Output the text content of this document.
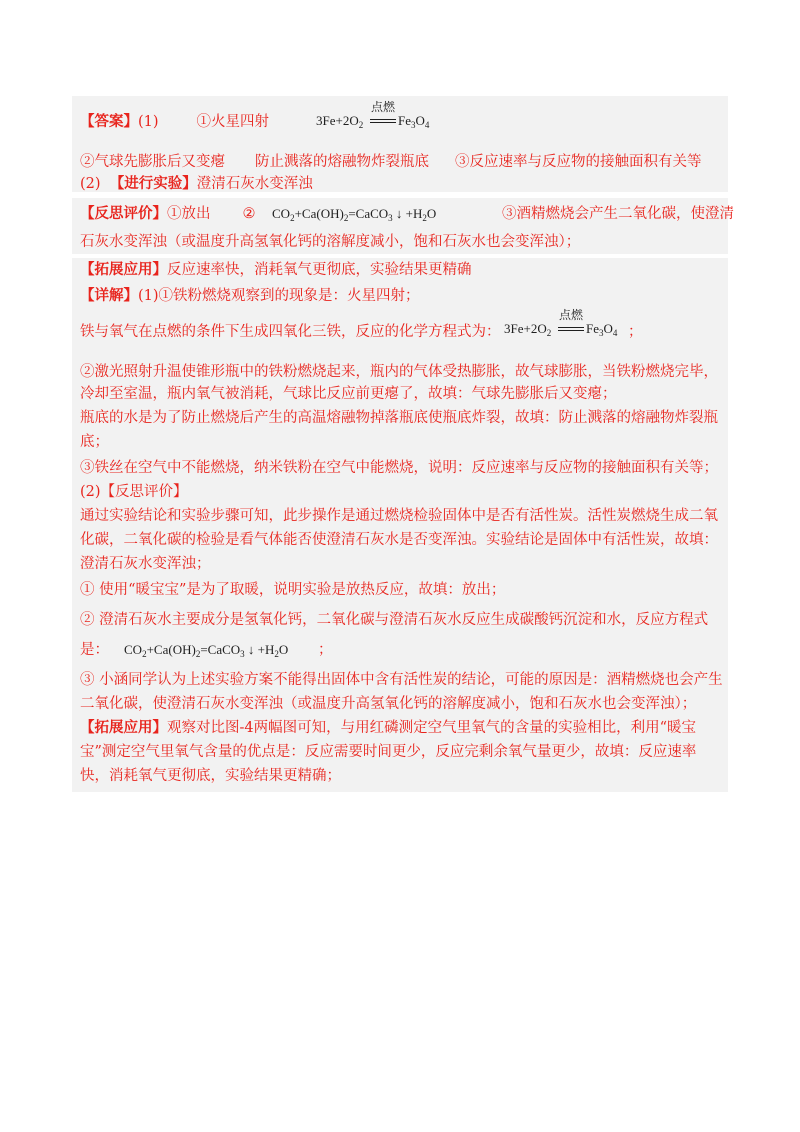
【答案】(1)	①火星四射
点燃
$3Fe+2O_2$	$Fe_3O_4$
②气球先膨胀后又变瘪 防止溅落的熔融物炸裂瓶底 ③反应速率与反应物的接触面积有关等
(2) 【进行实验】澄清石灰水变浑浊
【反思评价】①放出 ② $CO_2+Ca(OH)_2=CaCO_3$ ↓ $+H_2O$	③酒精燃烧会产生二氧化碳，使澄清
石灰水变浑浊（或温度升高氢氧化钙的溶解度减小，饱和石灰水也会变浑浊）；
【拓展应用】反应速率快，消耗氧气更彻底，实验结果更精确
【详解】(1)①铁粉燃烧观察到的现象是：火星四射；
铁与氧气在点燃的条件下生成四氧化三铁，反应的化学方程式为：
点燃
$3Fe+2O_2$	$Fe_3O_4$ ；
②激光照射升温使锥形瓶中的铁粉燃烧起来，瓶内的气体受热膨胀，故气球膨胀，当铁粉燃烧完毕，
冷却至室温，瓶内氧气被消耗，气球比反应前更瘪了，故填：气球先膨胀后又变瘪；
瓶底的水是为了防止燃烧后产生的高温熔融物掉落瓶底使瓶底炸裂，故填：防止溅落的熔融物炸裂瓶
底；
③铁丝在空气中不能燃烧，纳米铁粉在空气中能燃烧，说明：反应速率与反应物的接触面积有关等；
(2)【反思评价】
通过实验结论和实验步骤可知，此步操作是通过燃烧检验固体中是否有活性炭。活性炭燃烧生成二氧
化碳，二氧化碳的检验是看气体能否使澄清石灰水是否变浑浊。实验结论是固体中有活性炭，故填：
澄清石灰水变浑浊；
① 使用“暖宝宝”是为了取暖，说明实验是放热反应，故填：放出；
② 澄清石灰水主要成分是氢氧化钙，二氧化碳与澄清石灰水反应生成碳酸钙沉淀和水，反应方程式
是： $CO_2+Ca(OH)_2=CaCO_3$ ↓ $+H_2O$ ；
③ 小涵同学认为上述实验方案不能得出固体中含有活性炭的结论，可能的原因是：酒精燃烧也会产生
二氧化碳，使澄清石灰水变浑浊（或温度升高氢氧化钙的溶解度减小，饱和石灰水也会变浑浊）；
【拓展应用】观察对比图-4两幅图可知，与用红磷测定空气里氧气的含量的实验相比，利用“暖宝
宝”测定空气里氧气含量的优点是：反应需要时间更少，反应完剩余氧气量更少，故填：反应速率
快，消耗氧气更彻底，实验结果更精确；
